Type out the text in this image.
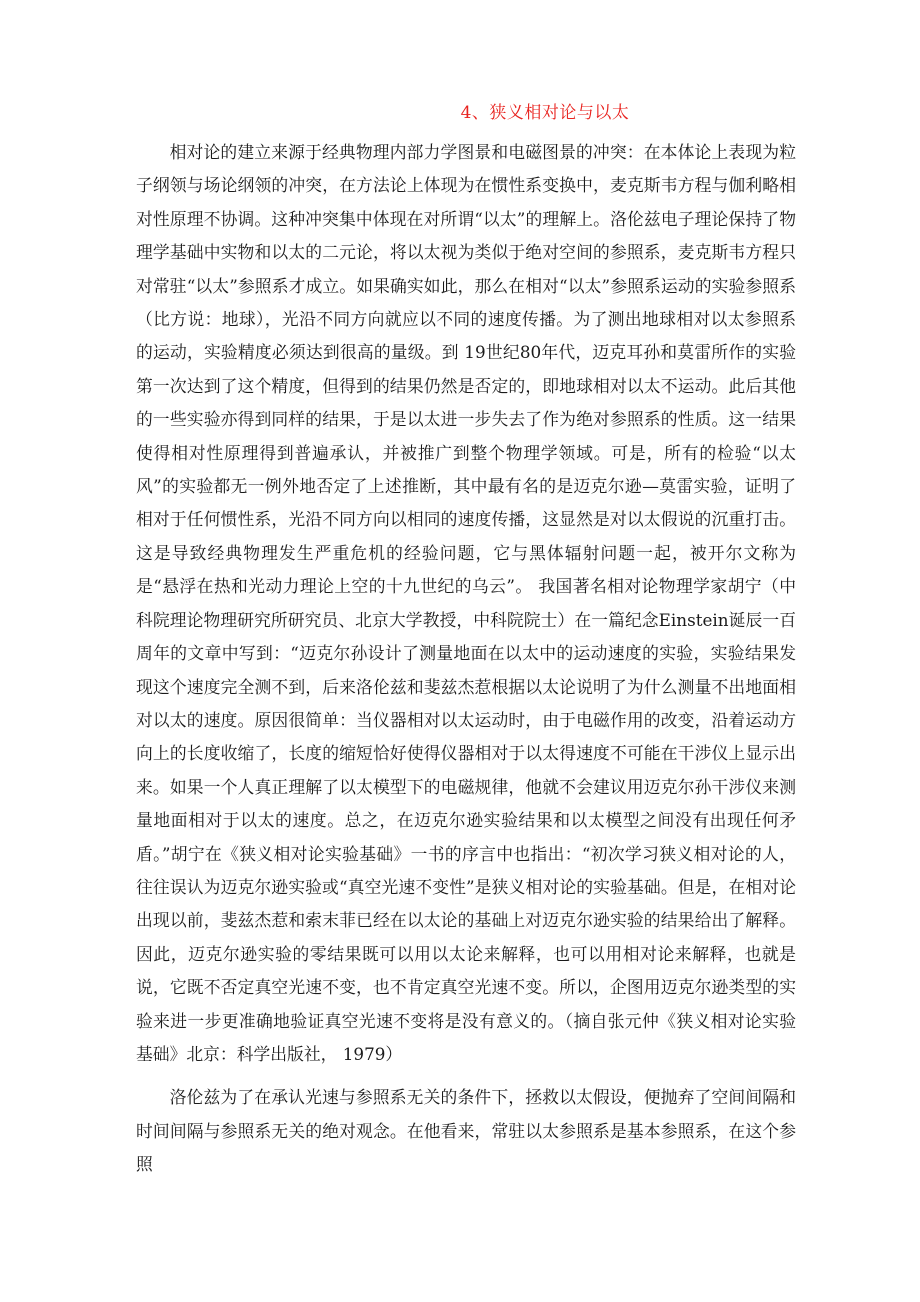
4、狭义相对论与以太

相对论的建立来源于经典物理内部力学图景和电磁图景的冲突：在本体论上表现为粒子纲领与场论纲领的冲突，在方法论上体现为在惯性系变换中，麦克斯韦方程与伽利略相对性原理不协调。这种冲突集中体现在对所谓“以太”的理解上。洛伦兹电子理论保持了物理学基础中实物和以太的二元论，将以太视为类似于绝对空间的参照系，麦克斯韦方程只对常驻“以太”参照系才成立。如果确实如此，那么在相对“以太”参照系运动的实验参照系（比方说：地球），光沿不同方向就应以不同的速度传播。为了测出地球相对以太参照系的运动，实验精度必须达到很高的量级。到 19世纪80年代，迈克耳孙和莫雷所作的实验第一次达到了这个精度，但得到的结果仍然是否定的，即地球相对以太不运动。此后其他的一些实验亦得到同样的结果，于是以太进一步失去了作为绝对参照系的性质。这一结果使得相对性原理得到普遍承认，并被推广到整个物理学领域。可是，所有的检验“以太风”的实验都无一例外地否定了上述推断，其中最有名的是迈克尔逊—莫雷实验，证明了相对于任何惯性系，光沿不同方向以相同的速度传播，这显然是对以太假说的沉重打击。这是导致经典物理发生严重危机的经验问题，它与黑体辐射问题一起，被开尔文称为是“悬浮在热和光动力理论上空的十九世纪的乌云”。 我国著名相对论物理学家胡宁（中科院理论物理研究所研究员、北京大学教授，中科院院士）在一篇纪念Einstein诞辰一百周年的文章中写到：“迈克尔孙设计了测量地面在以太中的运动速度的实验，实验结果发现这个速度完全测不到，后来洛伦兹和斐兹杰惹根据以太论说明了为什么测量不出地面相对以太的速度。原因很简单：当仪器相对以太运动时，由于电磁作用的改变，沿着运动方向上的长度收缩了，长度的缩短恰好使得仪器相对于以太得速度不可能在干涉仪上显示出来。如果一个人真正理解了以太模型下的电磁规律，他就不会建议用迈克尔孙干涉仪来测量地面相对于以太的速度。总之，在迈克尔逊实验结果和以太模型之间没有出现任何矛盾。”胡宁在《狭义相对论实验基础》一书的序言中也指出：“初次学习狭义相对论的人，往往误认为迈克尔逊实验或“真空光速不变性”是狭义相对论的实验基础。但是，在相对论出现以前，斐兹杰惹和索末菲已经在以太论的基础上对迈克尔逊实验的结果给出了解释。因此，迈克尔逊实验的零结果既可以用以太论来解释，也可以用相对论来解释，也就是说，它既不否定真空光速不变，也不肯定真空光速不变。所以，企图用迈克尔逊类型的实验来进一步更准确地验证真空光速不变将是没有意义的。（摘自张元仲《狭义相对论实验基础》北京：科学出版社， 1979）

洛伦兹为了在承认光速与参照系无关的条件下，拯救以太假设，便抛弃了空间间隔和时间间隔与参照系无关的绝对观念。在他看来，常驻以太参照系是基本参照系，在这个参照
